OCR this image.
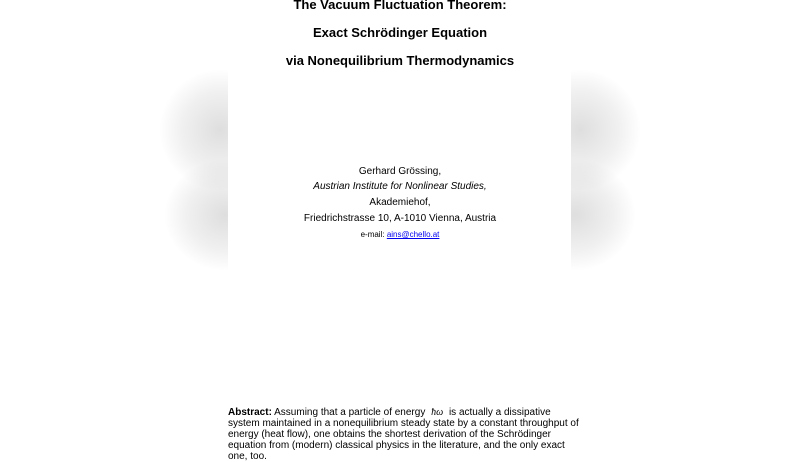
The Vacuum Fluctuation Theorem:
Exact Schrödinger Equation
via Nonequilibrium Thermodynamics
Gerhard Grössing,
Austrian Institute for Nonlinear Studies,
Akademiehof,
Friedrichstrasse 10, A-1010 Vienna, Austria
e-mail: ains@chello.at
Abstract: Assuming that a particle of energy ħω is actually a dissipative system maintained in a nonequilibrium steady state by a constant throughput of energy (heat flow), one obtains the shortest derivation of the Schrödinger equation from (modern) classical physics in the literature, and the only exact one, too.
